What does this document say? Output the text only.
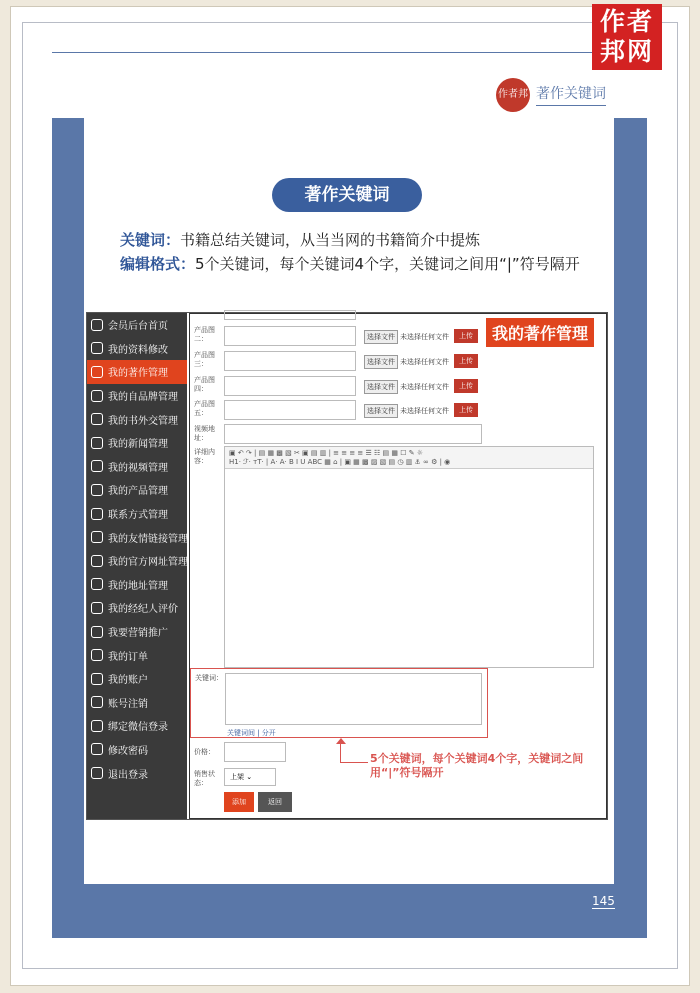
作者
邦网
作者邦 著作关键词
著作关键词
关键词：书籍总结关键词，从当当网的书籍简介中提炼
编辑格式：5个关键词，每个关键词4个字，关键词之间用“|”符号隔开
会员后台首页
我的资料修改
我的著作管理
我的自品牌管理
我的书外交管理
我的新闻管理
我的视频管理
我的产品管理
联系方式管理
我的友情链接管理
我的官方网址管理
我的地址管理
我的经纪人评价
我要营销推广
我的订单
我的账户
账号注销
绑定微信登录
修改密码
退出登录
我的著作管理
产品图二：	选择文件 未选择任何文件	上传
产品图三：	选择文件 未选择任何文件	上传
产品图四：	选择文件 未选择任何文件	上传
产品图五：	选择文件 未选择任何文件	上传
视频地址：
详细内容：
▣ ↶ ↷ | ▤ ▦ ▩ ▧ ✂ ▣ ▤ ▥ | ≡ ≡ ≡ ≡ ☰ ☷ ▤ ▦ ☐ ✎ ☼
H1· ℱ· ᴛT· | A· A· B I U ABC ▦ ⌂ | ▣ ▦ ▩ ▨ ▧ ▤ ◷ ▥ ⚓ ∞ ⚙ | ◉
关键词：
关键词间 | 分开
价格：
销售状态：
上架 ⌄
添加	返回
5个关键词，每个关键词4个字，关键词之间用“|”符号隔开
145
